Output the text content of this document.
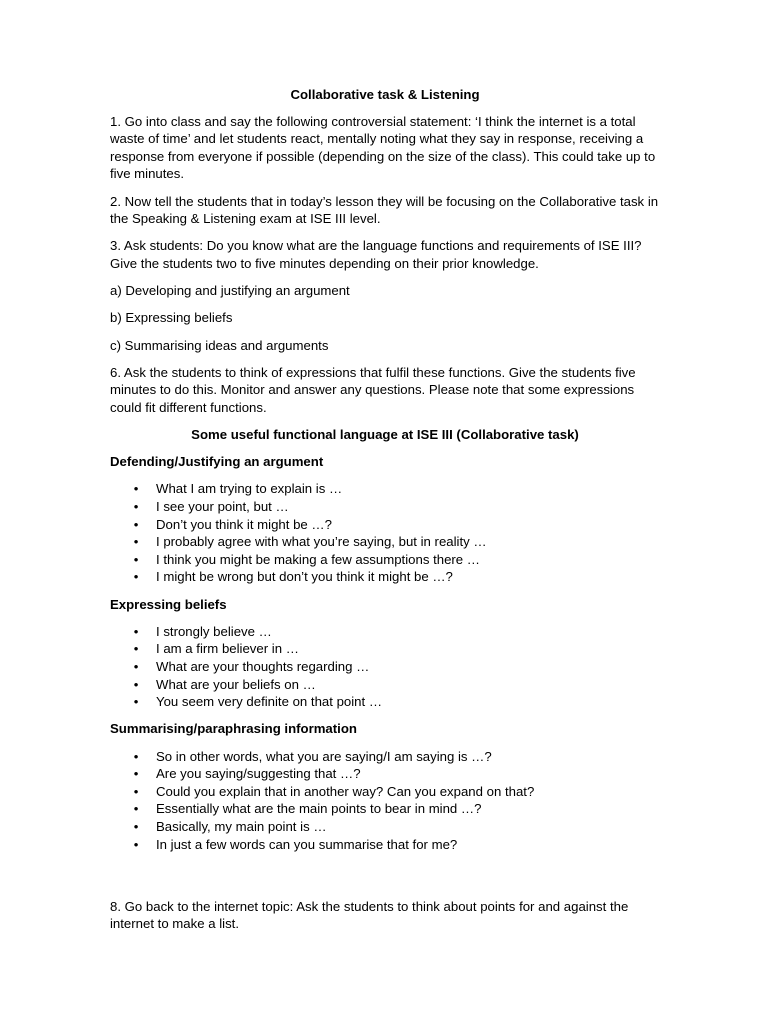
Collaborative task & Listening

1. Go into class and say the following controversial statement: ‘I think the internet is a total waste of time’ and let students react, mentally noting what they say in response, receiving a response from everyone if possible (depending on the size of the class). This could take up to five minutes.

2. Now tell the students that in today’s lesson they will be focusing on the Collaborative task in the Speaking & Listening exam at ISE III level.

3. Ask students: Do you know what are the language functions and requirements of ISE III? Give the students two to five minutes depending on their prior knowledge.

a) Developing and justifying an argument

b) Expressing beliefs

c) Summarising ideas and arguments

6. Ask the students to think of expressions that fulfil these functions. Give the students five minutes to do this. Monitor and answer any questions. Please note that some expressions could fit different functions.

Some useful functional language at ISE III (Collaborative task)
Defending/Justifying an argument
• What I am trying to explain is …
• I see your point, but …
• Don’t you think it might be …?
• I probably agree with what you’re saying, but in reality …
• I think you might be making a few assumptions there …
• I might be wrong but don’t you think it might be …?
Expressing beliefs
• I strongly believe …
• I am a firm believer in …
• What are your thoughts regarding …
• What are your beliefs on …
• You seem very definite on that point …
Summarising/paraphrasing information
• So in other words, what you are saying/I am saying is …?
• Are you saying/suggesting that …?
• Could you explain that in another way? Can you expand on that?
• Essentially what are the main points to bear in mind …?
• Basically, my main point is …
• In just a few words can you summarise that for me?

8. Go back to the internet topic: Ask the students to think about points for and against the internet to make a list.
